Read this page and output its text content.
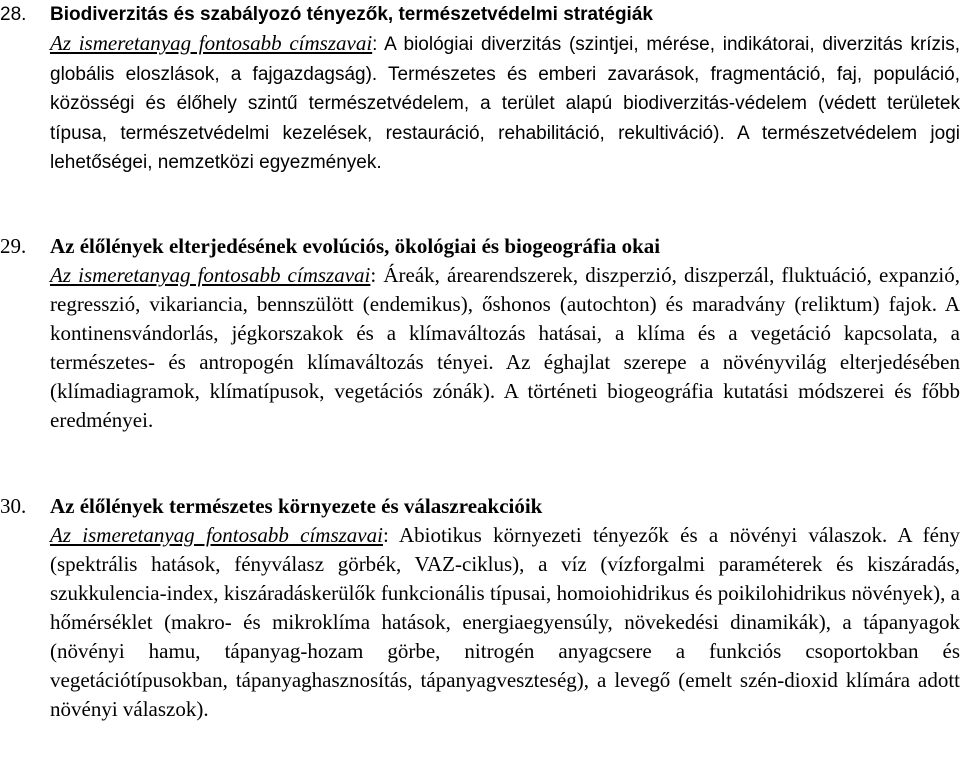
28. Biodiverzitás és szabályozó tényezők, természetvédelmi stratégiák

Az ismeretanyag fontosabb címszavai: A biológiai diverzitás (szintjei, mérése, indikátorai, diverzitás krízis, globális eloszlások, a fajgazdagság). Természetes és emberi zavarások, fragmentáció, faj, populáció, közösségi és élőhely szintű természetvédelem, a terület alapú biodiverzitás-védelem (védett területek típusa, természetvédelmi kezelések, restauráció, rehabilitáció, rekultiváció). A természetvédelem jogi lehetőségei, nemzetközi egyezmények.

29. Az élőlények elterjedésének evolúciós, ökológiai és biogeográfia okai

Az ismeretanyag fontosabb címszavai: Áreák, árearendszerek, diszperzió, diszperzál, fluktuáció, expanzió, regresszió, vikariancia, bennszülött (endemikus), őshonos (autochton) és maradvány (reliktum) fajok. A kontinensvándorlás, jégkorszakok és a klímaváltozás hatásai, a klíma és a vegetáció kapcsolata, a természetes- és antropogén klímaváltozás tényei. Az éghajlat szerepe a növényvilág elterjedésében (klímadiagramok, klímatípusok, vegetációs zónák). A történeti biogeográfia kutatási módszerei és főbb eredményei.

30. Az élőlények természetes környezete és válaszreakcióik

Az ismeretanyag fontosabb címszavai: Abiotikus környezeti tényezők és a növényi válaszok. A fény (spektrális hatások, fényválasz görbék, VAZ-ciklus), a víz (vízforgalmi paraméterek és kiszáradás, szukkulencia-index, kiszáradáskerülők funkcionális típusai, homoiohidrikus és poikilohidrikus növények), a hőmérséklet (makro- és mikroklíma hatások, energiaegyensúly, növekedési dinamikák), a tápanyagok (növényi hamu, tápanyag-hozam görbe, nitrogén anyagcsere a funkciós csoportokban és vegetációtípusokban, tápanyaghasznosítás, tápanyagveszteség), a levegő (emelt szén-dioxid klímára adott növényi válaszok).
